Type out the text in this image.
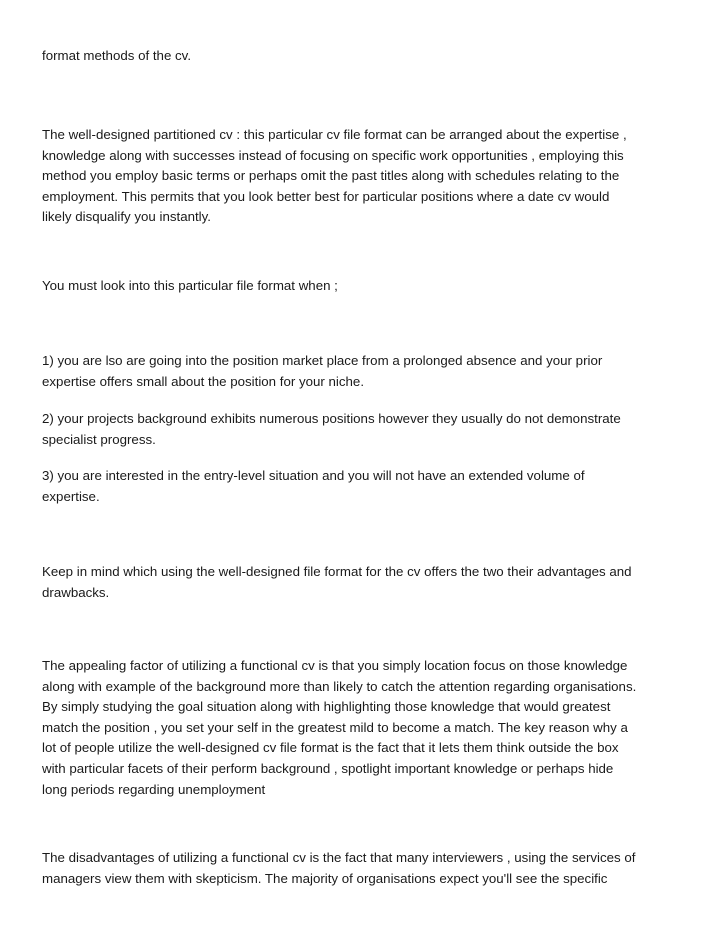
format methods of the cv.

The well-designed partitioned cv : this particular cv file format can be arranged about the expertise ,
knowledge along with successes instead of focusing on specific work opportunities , employing this
method you employ basic terms or perhaps omit the past titles along with schedules relating to the
employment. This permits that you look better best for particular positions where a date cv would
likely disqualify you instantly.

You must look into this particular file format when ;

1) you are lso are going into the position market place from a prolonged absence and your prior
expertise offers small about the position for your niche.

2) your projects background exhibits numerous positions however they usually do not demonstrate
specialist progress.

3) you are interested in the entry-level situation and you will not have an extended volume of
expertise.

Keep in mind which using the well-designed file format for the cv offers the two their advantages and
drawbacks.

The appealing factor of utilizing a functional cv is that you simply location focus on those knowledge
along with example of the background more than likely to catch the attention regarding organisations.
By simply studying the goal situation along with highlighting those knowledge that would greatest
match the position , you set your self in the greatest mild to become a match. The key reason why a
lot of people utilize the well-designed cv file format is the fact that it lets them think outside the box
with particular facets of their perform background , spotlight important knowledge or perhaps hide
long periods regarding unemployment

The disadvantages of utilizing a functional cv is the fact that many interviewers , using the services of
managers view them with skepticism. The majority of organisations expect you'll see the specific
